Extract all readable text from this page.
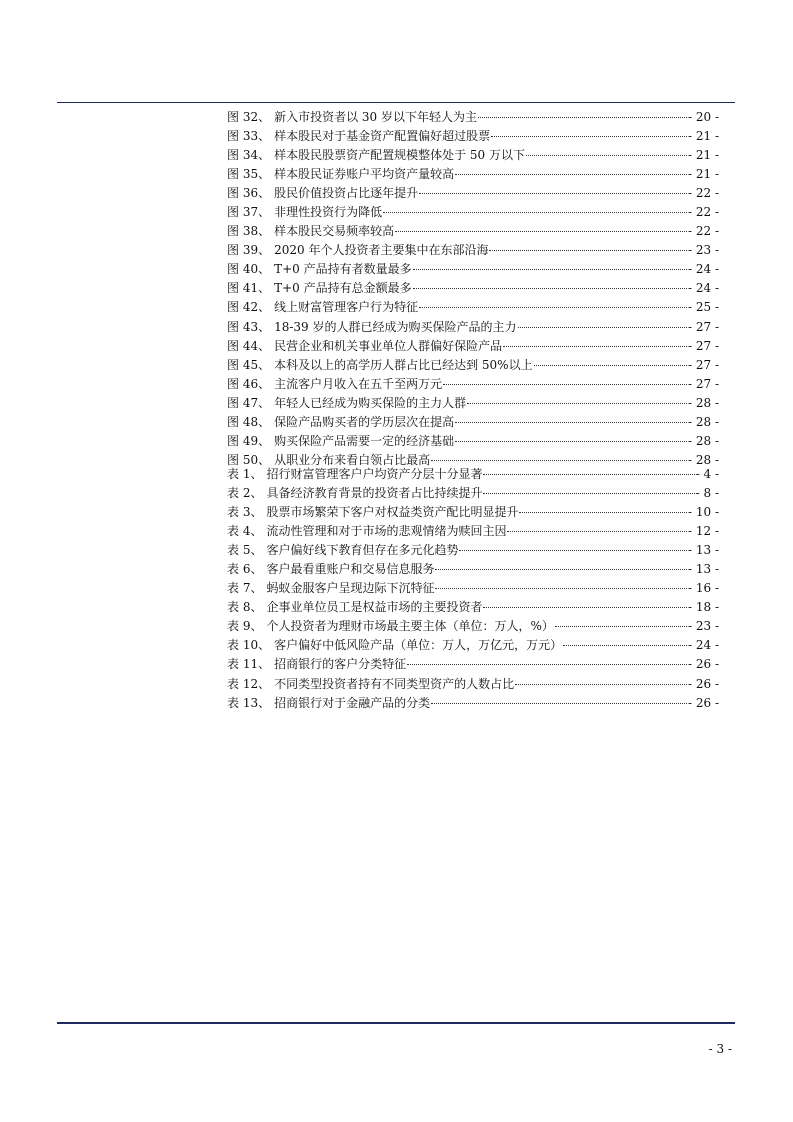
图 32、 新入市投资者以 30 岁以下年轻人为主	- 20 -
图 33、 样本股民对于基金资产配置偏好超过股票	- 21 -
图 34、 样本股民股票资产配置规模整体处于 50 万以下	- 21 -
图 35、 样本股民证券账户平均资产量较高	- 21 -
图 36、 股民价值投资占比逐年提升	- 22 -
图 37、 非理性投资行为降低	- 22 -
图 38、 样本股民交易频率较高	- 22 -
图 39、 2020 年个人投资者主要集中在东部沿海	- 23 -
图 40、 T+0 产品持有者数量最多	- 24 -
图 41、 T+0 产品持有总金额最多	- 24 -
图 42、 线上财富管理客户行为特征	- 25 -
图 43、 18-39 岁的人群已经成为购买保险产品的主力	- 27 -
图 44、 民营企业和机关事业单位人群偏好保险产品	- 27 -
图 45、 本科及以上的高学历人群占比已经达到 50%以上	- 27 -
图 46、 主流客户月收入在五千至两万元	- 27 -
图 47、 年轻人已经成为购买保险的主力人群	- 28 -
图 48、 保险产品购买者的学历层次在提高	- 28 -
图 49、 购买保险产品需要一定的经济基础	- 28 -
图 50、 从职业分布来看白领占比最高	- 28 -
表 1、 招行财富管理客户户均资产分层十分显著	- 4 -
表 2、 具备经济教育背景的投资者占比持续提升	- 8 -
表 3、 股票市场繁荣下客户对权益类资产配比明显提升	- 10 -
表 4、 流动性管理和对于市场的悲观情绪为赎回主因	- 12 -
表 5、 客户偏好线下教育但存在多元化趋势	- 13 -
表 6、 客户最看重账户和交易信息服务	- 13 -
表 7、 蚂蚁金服客户呈现边际下沉特征	- 16 -
表 8、 企事业单位员工是权益市场的主要投资者	- 18 -
表 9、 个人投资者为理财市场最主要主体（单位：万人，%）	- 23 -
表 10、 客户偏好中低风险产品（单位：万人，万亿元，万元）	- 24 -
表 11、 招商银行的客户分类特征	- 26 -
表 12、 不同类型投资者持有不同类型资产的人数占比	- 26 -
表 13、 招商银行对于金融产品的分类	- 26 -
- 3 -
